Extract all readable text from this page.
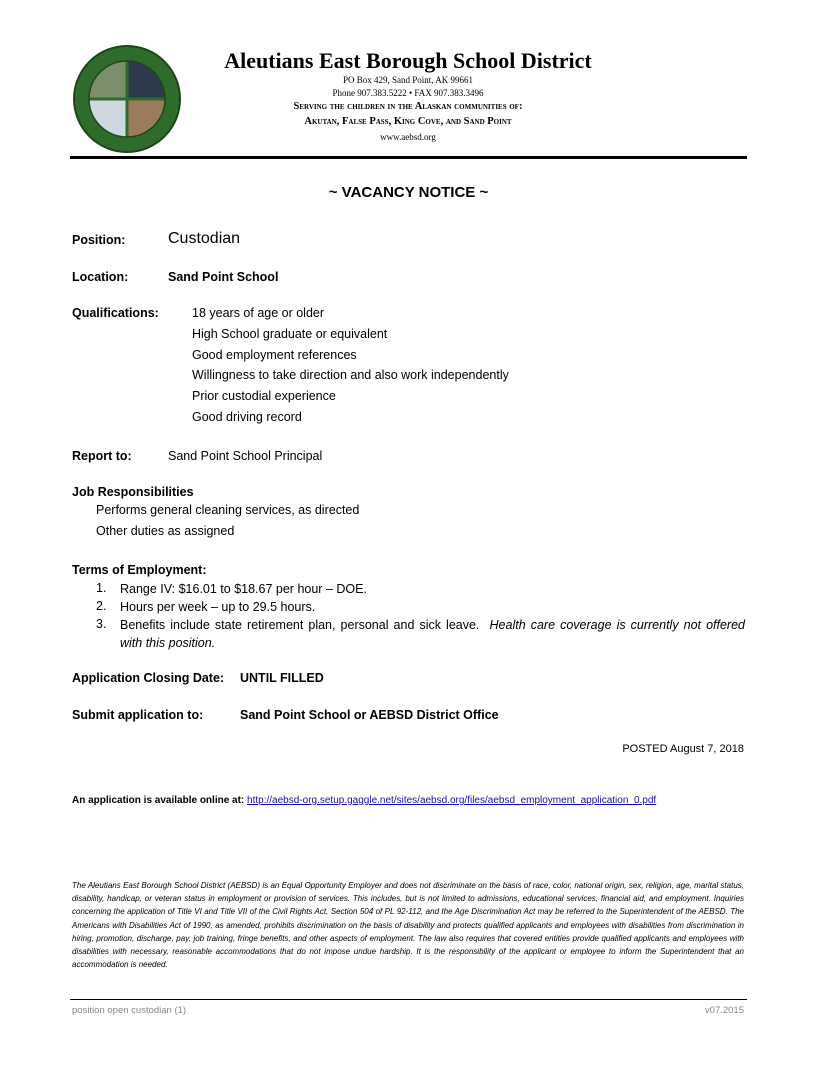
Aleutians East Borough School District
PO Box 429, Sand Point, AK 99661
Phone 907.383.5222 • FAX 907.383.3496
Serving the children in the Alaskan communities of:
Akutan, False Pass, King Cove, and Sand Point
www.aebsd.org
~ VACANCY NOTICE ~
Position:	Custodian
Location:	Sand Point School
Qualifications:	18 years of age or older
High School graduate or equivalent
Good employment references
Willingness to take direction and also work independently
Prior custodial experience
Good driving record
Report to:	Sand Point School Principal
Job Responsibilities
Performs general cleaning services, as directed
Other duties as assigned
Terms of Employment:
1. Range IV: $16.01 to $18.67 per hour – DOE.
2. Hours per week – up to 29.5 hours.
3. Benefits include state retirement plan, personal and sick leave. Health care coverage is currently not offered with this position.
Application Closing Date: UNTIL FILLED
Submit application to:	Sand Point School or AEBSD District Office
POSTED August 7, 2018
An application is available online at: http://aebsd-org.setup.gaggle.net/sites/aebsd.org/files/aebsd_employment_application_0.pdf
The Aleutians East Borough School District (AEBSD) is an Equal Opportunity Employer and does not discriminate on the basis of race, color, national origin, sex, religion, age, marital status, disability, handicap, or veteran status in employment or provision of services. This includes, but is not limited to admissions, educational services, financial aid, and employment. Inquiries concerning the application of Title VI and Title VII of the Civil Rights Act, Section 504 of PL 92-112, and the Age Discrimination Act may be referred to the Superintendent of the AEBSD. The Americans with Disabilities Act of 1990, as amended, prohibits discrimination on the basis of disability and protects qualified applicants and employees with disabilities from discrimination in hiring, promotion, discharge, pay, job training, fringe benefits, and other aspects of employment. The law also requires that covered entities provide qualified applicants and employees with disabilities with necessary, reasonable accommodations that do not impose undue hardship. It is the responsibility of the applicant or employee to inform the Superintendent that an accommodation is needed.
position open custodian (1)	v07.2015
